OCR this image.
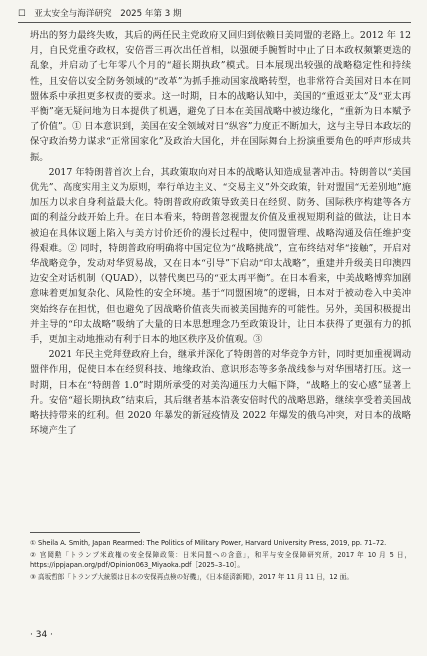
☐　亚太安全与海洋研究　2025 年第 3 期

坍出的努力最终失败，其后的两任民主党政府又回归到依赖日美同盟的老路上。2012 年 12 月，自民党重夺政权，安倍晋三再次出任首相，以强硬手腕暂时中止了日本政权频繁更迭的乱象，并启动了七年零八个月的“超长期执政”模式。日本展现出较强的战略稳定性和持续性，且安倍以安全防务领域的“改革”为抓手推动国家战略转型，也非常符合美国对日本在同盟体系中承担更多权责的要求。这一时期，日本的战略认知中，美国的“重返亚太”及“亚太再平衡”毫无疑问地为日本提供了机遇，避免了日本在美国战略中被边缘化，“重新为日本赋予了价值”。① 日本意识到，美国在安全领域对日“纵容”力度正不断加大，这与主导日本政坛的保守政治势力谋求“正常国家化”及政治大国化，并在国际舞台上扮演重要角色的呼声形成共振。

2017 年特朗普首次上台，其政策取向对日本的战略认知造成显著冲击。特朗普以“美国优先”、高度实用主义为原则，奉行单边主义、“交易主义”外交政策，针对盟国“无差别地”施加压力以求自身利益最大化。特朗普政府政策导致美日在经贸、防务、国际秩序构建等各方面的利益分歧开始上升。在日本看来，特朗普忽视盟友价值及重视短期利益的做法，让日本被迫在具体议题上陷入与美方讨价还价的漫长过程中，使同盟管理、战略沟通及信任维护变得艰难。② 同时，特朗普政府明确将中国定位为“战略挑战”，宣布终结对华“接触”，开启对华战略竞争，发动对华贸易战，又在日本“引导”下启动“印太战略”，重建并升级美日印澳四边安全对话机制（QUAD），以替代奥巴马的“亚太再平衡”。在日本看来，中美战略博弈加剧意味着更加复杂化、风险性的安全环境。基于“同盟困境”的逻辑，日本对于被动卷入中美冲突始终存在担忧，但也避免了因战略价值丧失而被美国抛弃的可能性。另外，美国积极提出并主导的“印太战略”吸纳了大量的日本思想理念乃至政策设计，让日本获得了更强有力的抓手，更加主动地推动有利于日本的地区秩序及价值观。③

2021 年民主党拜登政府上台，继承并深化了特朗普的对华竞争方针，同时更加重视调动盟伴作用，促使日本在经贸科技、地缘政治、意识形态等多条战线参与对华围堵打压。这一时期，日本在“特朗普 1.0”时期所承受的对美沟通压力大幅下降，“战略上的安心感”显著上升。安倍“超长期执政”结束后，其后继者基本沿袭安倍时代的战略思路，继续享受着美国战略扶持带来的红利。但 2020 年暴发的新冠疫情及 2022 年爆发的俄乌冲突，对日本的战略环境产生了

① Sheila A. Smith, Japan Rearmed: The Politics of Military Power, Harvard University Press, 2019, pp. 71–72.

② 宫岡勲「トランプ米政権の安全保障政策：日米同盟への含意」，和平与安全保障研究所，2017 年 10 月 5 日，https://ippjapan.org/pdf/Opinion063_Miyaoka.pdf［2025–3–10］。

③ 高坂哲郎「トランプ大統領は日本の安保再点検の好機」，《日本経済新聞》，2017 年 11 月 11 日，12 面。

· 34 ·
